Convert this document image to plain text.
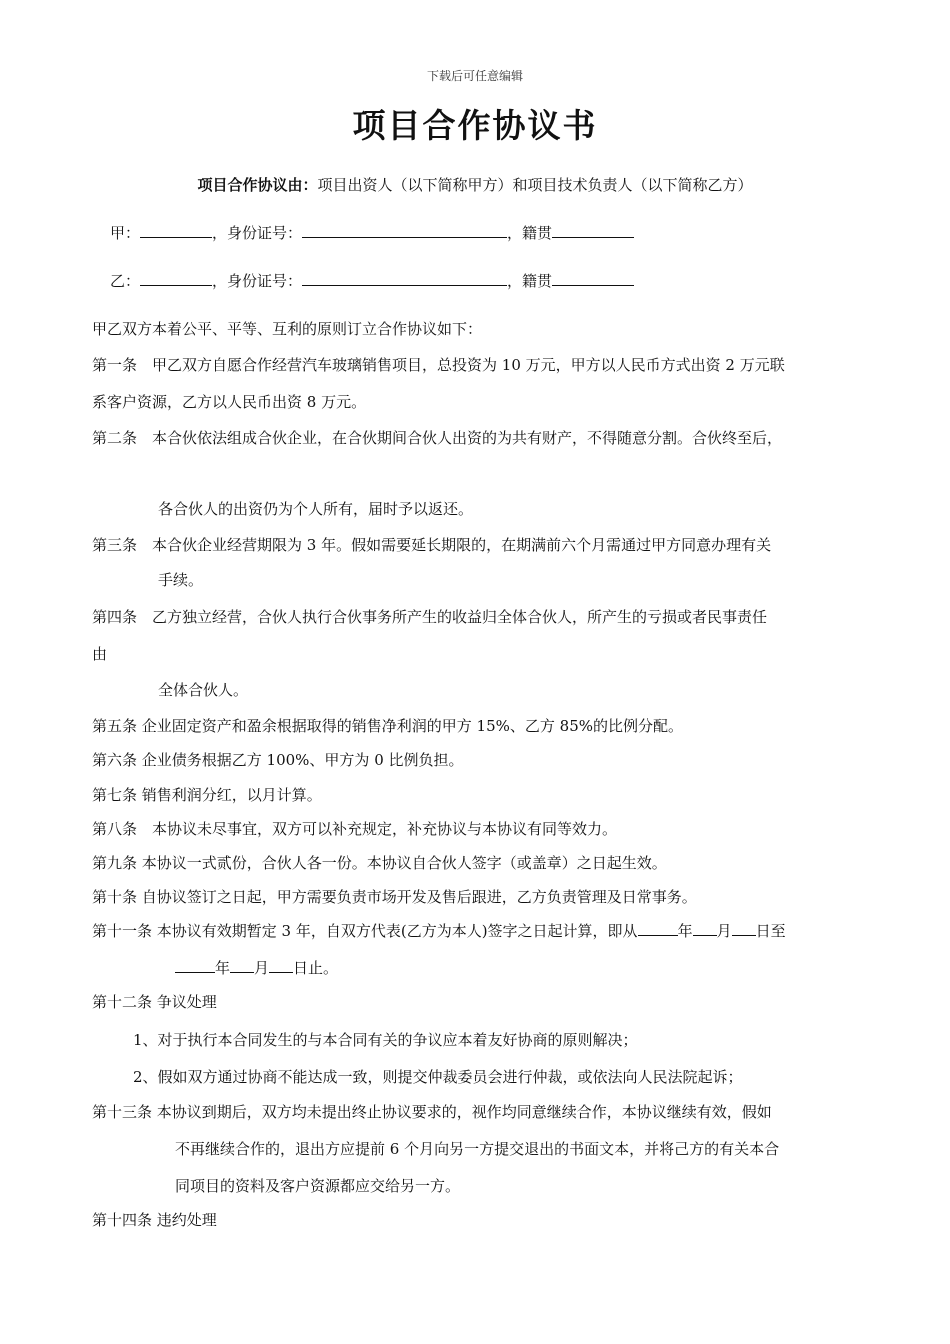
下载后可任意编辑
项目合作协议书
项目合作协议由：项目出资人（以下简称甲方）和项目技术负责人（以下简称乙方）
甲：	，身份证号：	，籍贯
乙：	，身份证号：	，籍贯
甲乙双方本着公平、平等、互利的原则订立合作协议如下：
第一条　甲乙双方自愿合作经营汽车玻璃销售项目，总投资为 10 万元，甲方以人民币方式出资 2 万元联
系客户资源，乙方以人民币出资 8 万元。
第二条　本合伙依法组成合伙企业，在合伙期间合伙人出资的为共有财产，不得随意分割。合伙终至后，
各合伙人的出资仍为个人所有，届时予以返还。
第三条　本合伙企业经营期限为 3 年。假如需要延长期限的，在期满前六个月需通过甲方同意办理有关
手续。
第四条　乙方独立经营，合伙人执行合伙事务所产生的收益归全体合伙人，所产生的亏损或者民事责任
由
全体合伙人。
第五条 企业固定资产和盈余根据取得的销售净利润的甲方 15%、乙方 85%的比例分配。
第六条 企业债务根据乙方 100%、甲方为 0 比例负担。
第七条 销售利润分红，以月计算。
第八条　本协议未尽事宜，双方可以补充规定，补充协议与本协议有同等效力。
第九条 本协议一式贰份，合伙人各一份。本协议自合伙人签字（或盖章）之日起生效。
第十条 自协议签订之日起，甲方需要负责市场开发及售后跟进，乙方负责管理及日常事务。
第十一条 本协议有效期暂定 3 年，自双方代表(乙方为本人)签字之日起计算，即从	年 月 日至
年 月 日止。
第十二条 争议处理
1、对于执行本合同发生的与本合同有关的争议应本着友好协商的原则解决；
2、假如双方通过协商不能达成一致，则提交仲裁委员会进行仲裁，或依法向人民法院起诉；
第十三条 本协议到期后，双方均未提出终止协议要求的，视作均同意继续合作，本协议继续有效，假如
不再继续合作的，退出方应提前 6 个月向另一方提交退出的书面文本，并将己方的有关本合
同项目的资料及客户资源都应交给另一方。
第十四条 违约处理
